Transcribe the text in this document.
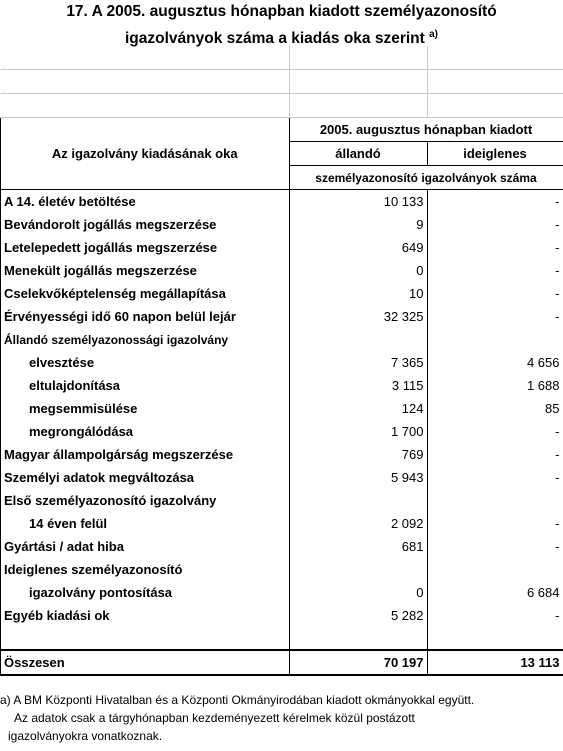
17. A 2005. augusztus hónapban kiadott személyazonosító
igazolványok száma a kiadás oka szerint $^{a)}$

	2005. augusztus hónapban kiadott	
Az igazolvány kiadásának oka	állandó	ideiglenes
	személyazonosító igazolványok száma	
A 14. életév betöltése	10 133	-
Bevándorolt jogállás megszerzése	9	-
Letelepedett jogállás megszerzése	649	-
Menekült jogállás megszerzése	0	-
Cselekvőképtelenség megállapítása	10	-
Érvényességi idő 60 napon belül lejár	32 325	-
Állandó személyazonossági igazolvány		
elvesztése	7 365	4 656
eltulajdonítása	3 115	1 688
megsemmisülése	124	85
megrongálódása	1 700	-
Magyar állampolgárság megszerzése	769	-
Személyi adatok megváltozása	5 943	-
Első személyazonosító igazolvány		
14 éven felül	2 092	-
Gyártási / adat hiba	681	-
Ideiglenes személyazonosító		
igazolvány pontosítása	0	6 684
Egyéb kiadási ok	5 282	-

Összesen	70 197	13 113
a) A BM Központi Hivatalban és a Központi Okmányirodában kiadott okmányokkal együtt.
Az adatok csak a tárgyhónapban kezdeményezett kérelmek közül postázott
igazolványokra vonatkoznak.
